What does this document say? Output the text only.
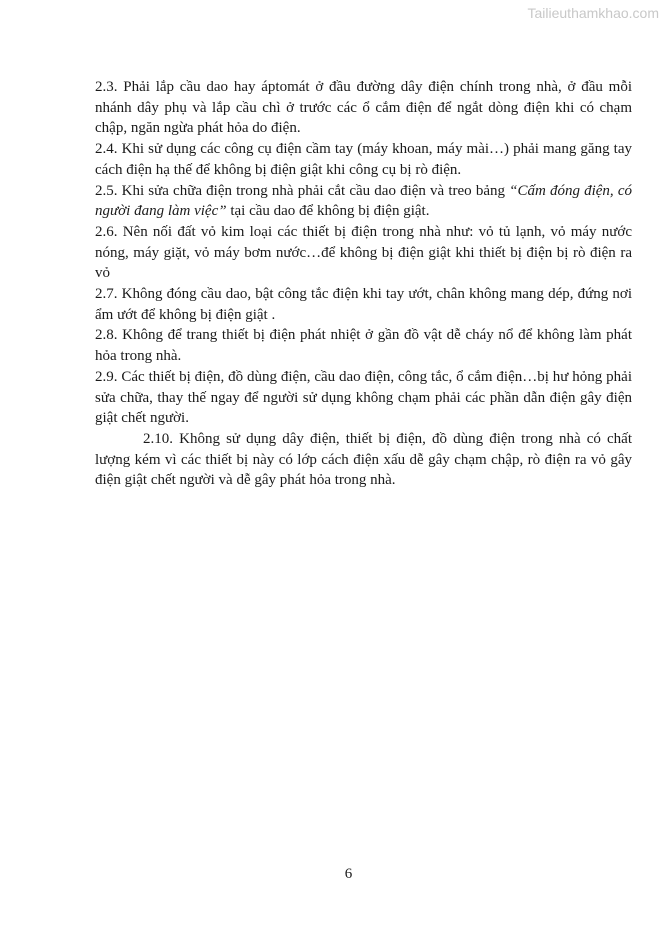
Tailieuthamkhao.com

2.3. Phải lắp cầu dao hay áptomát ở đầu đường dây điện chính trong nhà, ở đầu mỗi nhánh dây phụ và lắp cầu chì ở trước các ổ cắm điện để ngắt dòng điện khi có chạm chập, ngăn ngừa phát hỏa do điện.

2.4. Khi sử dụng các công cụ điện cầm tay (máy khoan, máy mài…) phải mang găng tay cách điện hạ thế để không bị điện giật khi công cụ bị rò điện.

2.5. Khi sửa chữa điện trong nhà phải cắt cầu dao điện và treo bảng “Cấm đóng điện, có người đang làm việc” tại cầu dao để không bị điện giật.

2.6. Nên nối đất vỏ kim loại các thiết bị điện trong nhà như: vỏ tủ lạnh, vỏ máy nước nóng, máy giặt, vỏ máy bơm nước…để không bị điện giật khi thiết bị điện bị rò điện ra vỏ

2.7. Không đóng cầu dao, bật công tắc điện khi tay ướt, chân không mang dép, đứng nơi ẩm ướt để không bị điện giật .

2.8. Không để trang thiết bị điện phát nhiệt ở gần đồ vật dễ cháy nổ để không làm phát hỏa trong nhà.

2.9. Các thiết bị điện, đồ dùng điện, cầu dao điện, công tắc, ổ cắm điện…bị hư hỏng phải sửa chữa, thay thế ngay để người sử dụng không chạm phải các phần dẫn điện gây điện giật chết người.

2.10. Không sử dụng dây điện, thiết bị điện, đồ dùng điện trong nhà có chất lượng kém vì các thiết bị này có lớp cách điện xấu dễ gây chạm chập, rò điện ra vỏ gây điện giật chết người và dễ gây phát hỏa trong nhà.

6
